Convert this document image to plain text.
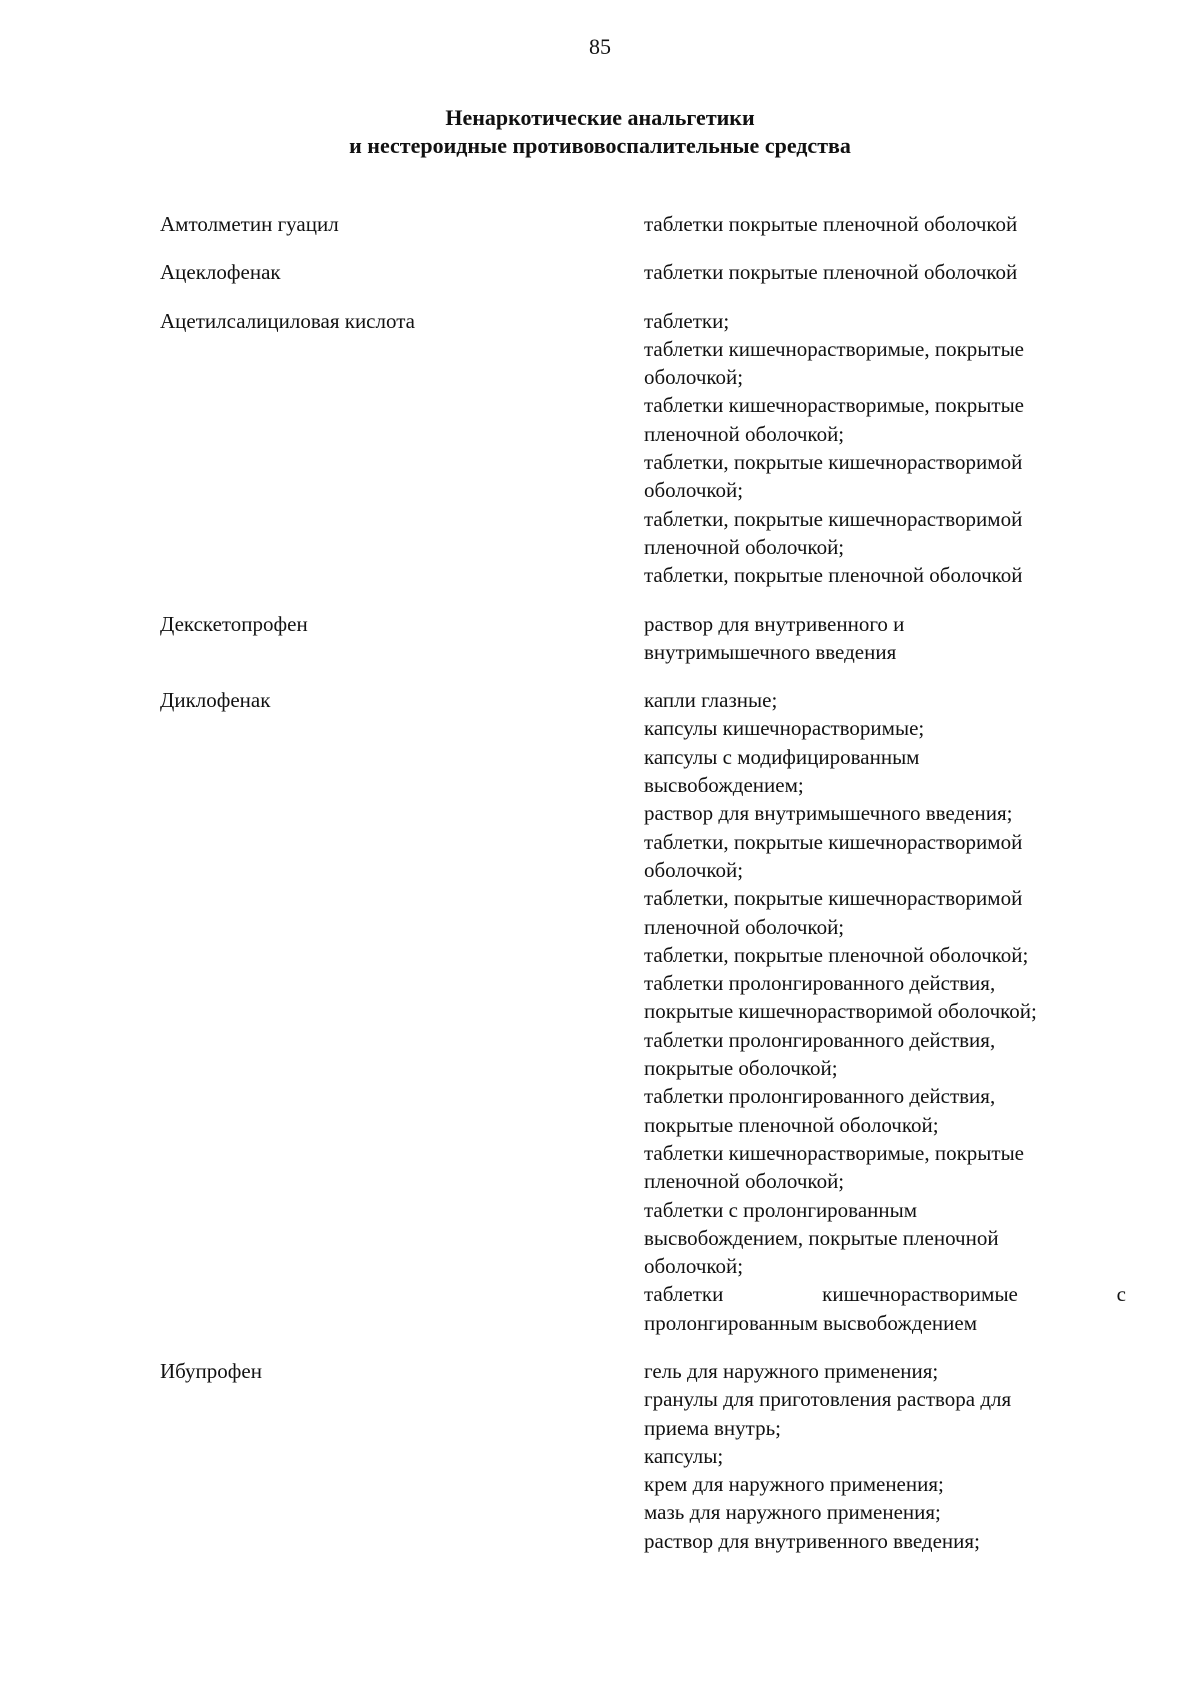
85
Ненаркотические анальгетики
и нестероидные противовоспалительные средства
Амтолметин гуацил	таблетки покрытые пленочной оболочкой
Ацеклофенак	таблетки покрытые пленочной оболочкой
Ацетилсалициловая кислота	таблетки;
таблетки кишечнорастворимые, покрытые
оболочкой;
таблетки кишечнорастворимые, покрытые
пленочной оболочкой;
таблетки, покрытые кишечнорастворимой
оболочкой;
таблетки, покрытые кишечнорастворимой
пленочной оболочкой;
таблетки, покрытые пленочной оболочкой
Декскетопрофен	раствор для внутривенного и
внутримышечного введения
Диклофенак	капли глазные;
капсулы кишечнорастворимые;
капсулы с модифицированным
высвобождением;
раствор для внутримышечного введения;
таблетки, покрытые кишечнорастворимой
оболочкой;
таблетки, покрытые кишечнорастворимой
пленочной оболочкой;
таблетки, покрытые пленочной оболочкой;
таблетки пролонгированного действия,
покрытые кишечнорастворимой оболочкой;
таблетки пролонгированного действия,
покрытые оболочкой;
таблетки пролонгированного действия,
покрытые пленочной оболочкой;
таблетки кишечнорастворимые, покрытые
пленочной оболочкой;
таблетки с пролонгированным
высвобождением, покрытые пленочной
оболочкой;
таблетки	кишечнорастворимые	с
пролонгированным высвобождением
Ибупрофен	гель для наружного применения;
гранулы для приготовления раствора для
приема внутрь;
капсулы;
крем для наружного применения;
мазь для наружного применения;
раствор для внутривенного введения;
